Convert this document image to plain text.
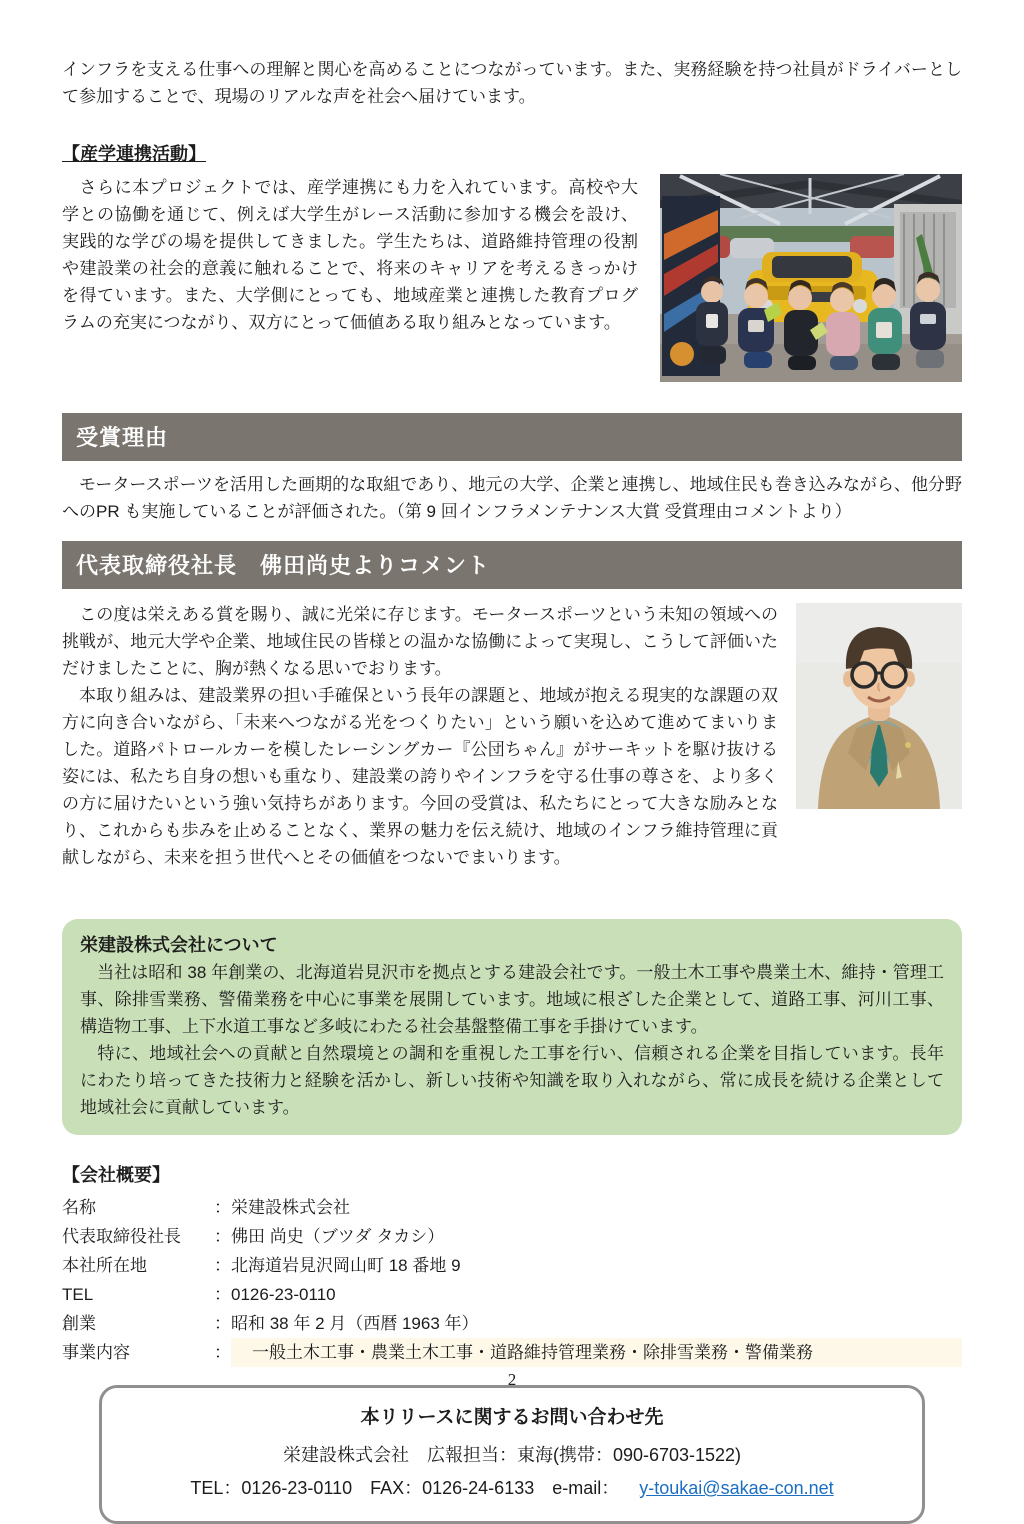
インフラを支える仕事への理解と関心を高めることにつながっています。また、実務経験を持つ社員がドライバーとして参加することで、現場のリアルな声を社会へ届けています。

【産学連携活動】

　さらに本プロジェクトでは、産学連携にも力を入れています。高校や大学との協働を通じて、例えば大学生がレース活動に参加する機会を設け、実践的な学びの場を提供してきました。学生たちは、道路維持管理の役割や建設業の社会的意義に触れることで、将来のキャリアを考えるきっかけを得ています。また、大学側にとっても、地域産業と連携した教育プログラムの充実につながり、双方にとって価値ある取り組みとなっています。

受賞理由

　モータースポーツを活用した画期的な取組であり、地元の大学、企業と連携し、地域住民も巻き込みながら、他分野へのPR も実施していることが評価された。（第 9 回インフラメンテナンス大賞 受賞理由コメントより）

代表取締役社長　佛田尚史よりコメント

　この度は栄えある賞を賜り、誠に光栄に存じます。モータースポーツという未知の領域への挑戦が、地元大学や企業、地域住民の皆様との温かな協働によって実現し、こうして評価いただけましたことに、胸が熱くなる思いでおります。

　本取り組みは、建設業界の担い手確保という長年の課題と、地域が抱える現実的な課題の双方に向き合いながら、「未来へつながる光をつくりたい」という願いを込めて進めてまいりました。道路パトロールカーを模したレーシングカー『公団ちゃん』がサーキットを駆け抜ける姿には、私たち自身の想いも重なり、建設業の誇りやインフラを守る仕事の尊さを、より多くの方に届けたいという強い気持ちがあります。今回の受賞は、私たちにとって大きな励みとなり、これからも歩みを止めることなく、業界の魅力を伝え続け、地域のインフラ維持管理に貢献しながら、未来を担う世代へとその価値をつないでまいります。

栄建設株式会社について

　当社は昭和 38 年創業の、北海道岩見沢市を拠点とする建設会社です。一般土木工事や農業土木、維持・管理工事、除排雪業務、警備業務を中心に事業を展開しています。地域に根ざした企業として、道路工事、河川工事、構造物工事、上下水道工事など多岐にわたる社会基盤整備工事を手掛けています。

　特に、地域社会への貢献と自然環境との調和を重視した工事を行い、信頼される企業を目指しています。長年にわたり培ってきた技術力と経験を活かし、新しい技術や知識を取り入れながら、常に成長を続ける企業として地域社会に貢献しています。

【会社概要】
名称	： 栄建設株式会社
代表取締役社長	： 佛田 尚史（ブツダ タカシ）
本社所在地	： 北海道岩見沢岡山町 18 番地 9
TEL	： 0126-23-0110
創業	： 昭和 38 年 2 月（西暦 1963 年）
事業内容	： 　一般土木工事・農業土木工事・道路維持管理業務・除排雪業務・警備業務
本リリースに関するお問い合わせ先
栄建設株式会社　広報担当：東海(携帯：090-6703-1522)
TEL：0126-23-0110　FAX：0126-24-6133　e-mail： y-toukai@sakae-con.net
2
